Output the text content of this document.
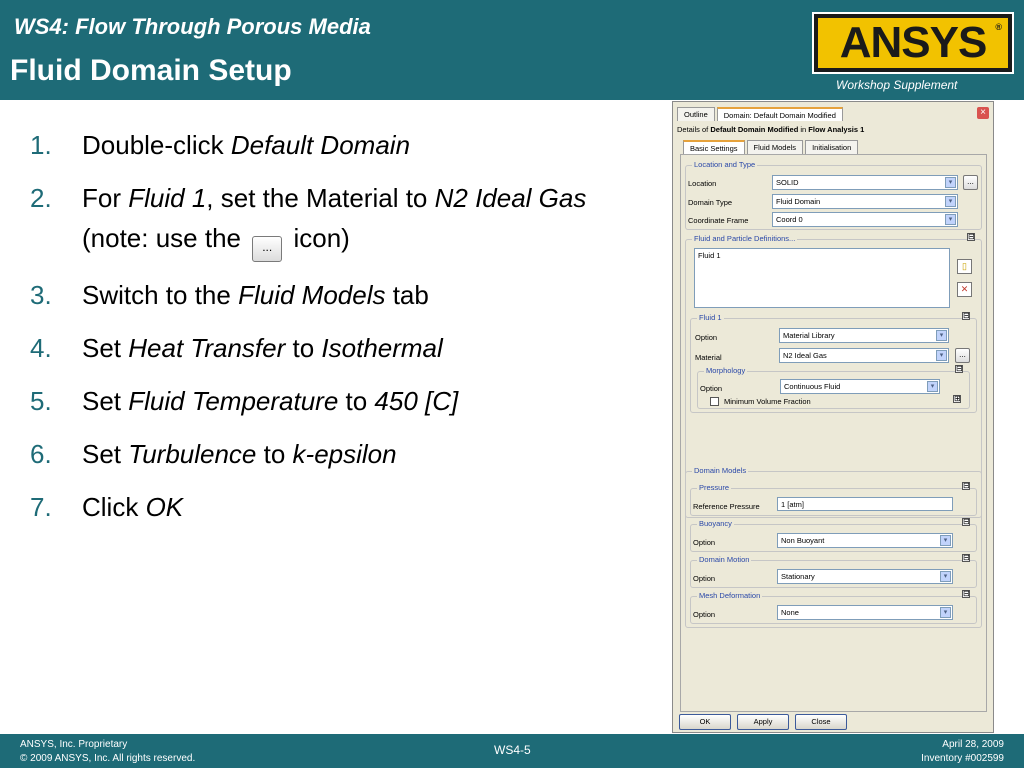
WS4: Flow Through Porous Media
Fluid Domain Setup
ANSYS ®
Workshop Supplement
1.	Double-click Default Domain
2.	For Fluid 1, set the Material to N2 Ideal Gas (note: use the ... icon)
3.	Switch to the Fluid Models tab
4.	Set Heat Transfer to Isothermal
5.	Set Fluid Temperature to 450 [C]
6.	Set Turbulence to k-epsilon
7.	Click OK
Outline	Domain: Default Domain Modified	×
Details of Default Domain Modified in Flow Analysis 1
Basic Settings	Fluid Models	Initialisation
Location and Type
Location	SOLID	▾	...
Domain Type	Fluid Domain	▾
Coordinate Frame	Coord 0	▾
Fluid and Particle Definitions...	⊟
Fluid 1
▯
✕
Fluid 1	⊟
Option	Material Library	▾
Material	N2 Ideal Gas	▾	...
Morphology	⊟
Option	Continuous Fluid	▾
Minimum Volume Fraction	⊞
Domain Models
Pressure	⊟
Reference Pressure	1 [atm]
Buoyancy	⊟
Option	Non Buoyant	▾
Domain Motion	⊟
Option	Stationary	▾
Mesh Deformation	⊟
Option	None	▾
OK	Apply	Close
ANSYS, Inc. Proprietary
© 2009 ANSYS, Inc. All rights reserved.
WS4-5	April 28, 2009
Inventory #002599
